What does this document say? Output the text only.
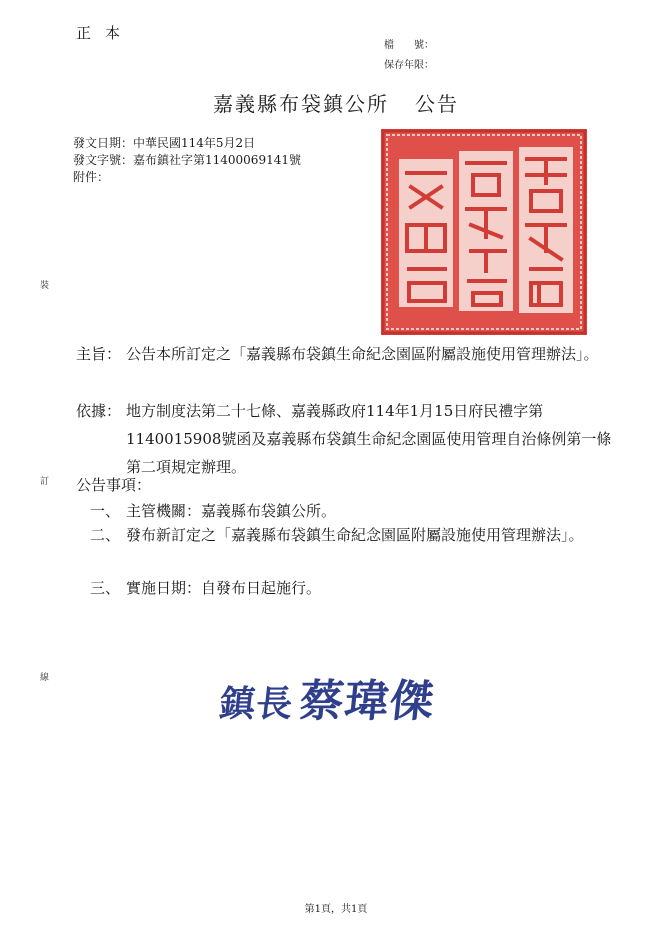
正本
檔　　號：
保存年限：
嘉義縣布袋鎮公所 公告
發文日期：中華民國114年5月2日
發文字號：嘉布鎮社字第11400069141號
附件：
裝
訂
線
主旨： 公告本所訂定之「嘉義縣布袋鎮生命紀念園區附屬設施使用管理辦法」。
依據： 地方制度法第二十七條、嘉義縣政府114年1月15日府民禮字第1140015908號函及嘉義縣布袋鎮生命紀念園區使用管理自治條例第一條第二項規定辦理。
公告事項：
一、 主管機關：嘉義縣布袋鎮公所。
二、 發布新訂定之「嘉義縣布袋鎮生命紀念園區附屬設施使用管理辦法」。
三、 實施日期：自發布日起施行。
鎮長蔡瑋傑
第1頁，共1頁
